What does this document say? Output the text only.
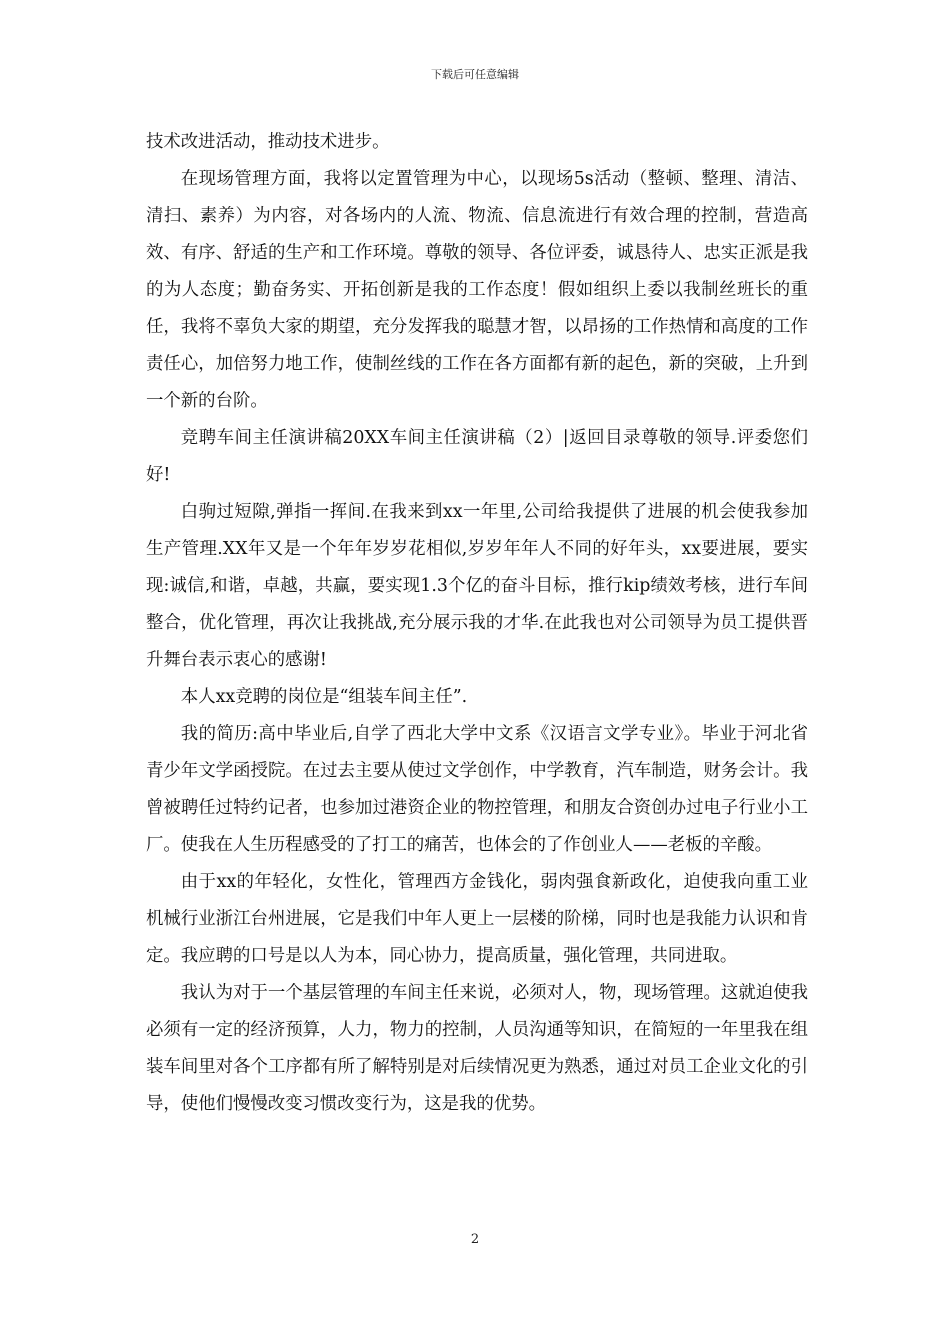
下载后可任意编辑

技术改进活动，推动技术进步。

在现场管理方面，我将以定置管理为中心，以现场5s活动（整顿、整理、清洁、清扫、素养）为内容，对各场内的人流、物流、信息流进行有效合理的控制，营造高效、有序、舒适的生产和工作环境。尊敬的领导、各位评委，诚恳待人、忠实正派是我的为人态度；勤奋务实、开拓创新是我的工作态度！假如组织上委以我制丝班长的重任，我将不辜负大家的期望，充分发挥我的聪慧才智，以昂扬的工作热情和高度的工作责任心，加倍努力地工作，使制丝线的工作在各方面都有新的起色，新的突破，上升到一个新的台阶。

竞聘车间主任演讲稿20XX车间主任演讲稿（2）|返回目录尊敬的领导.评委您们好!

白驹过短隙,弹指一挥间.在我来到xx一年里,公司给我提供了进展的机会使我参加生产管理.XX年又是一个年年岁岁花相似,岁岁年年人不同的好年头，xx要进展，要实现:诚信,和谐，卓越，共赢，要实现1.3个亿的奋斗目标，推行kip绩效考核，进行车间整合，优化管理，再次让我挑战,充分展示我的才华.在此我也对公司领导为员工提供晋升舞台表示衷心的感谢!

本人xx竞聘的岗位是“组装车间主任”.

我的简历:高中毕业后,自学了西北大学中文系《汉语言文学专业》。毕业于河北省青少年文学函授院。在过去主要从使过文学创作，中学教育，汽车制造，财务会计。我曾被聘任过特约记者，也参加过港资企业的物控管理，和朋友合资创办过电子行业小工厂。使我在人生历程感受的了打工的痛苦，也体会的了作创业人——老板的辛酸。

由于xx的年轻化，女性化，管理西方金钱化，弱肉强食新政化，迫使我向重工业机械行业浙江台州进展，它是我们中年人更上一层楼的阶梯，同时也是我能力认识和肯定。我应聘的口号是以人为本，同心协力，提高质量，强化管理，共同进取。

我认为对于一个基层管理的车间主任来说，必须对人，物，现场管理。这就迫使我必须有一定的经济预算，人力，物力的控制，人员沟通等知识，在简短的一年里我在组装车间里对各个工序都有所了解特别是对后续情况更为熟悉，通过对员工企业文化的引导，使他们慢慢改变习惯改变行为，这是我的优势。

2
